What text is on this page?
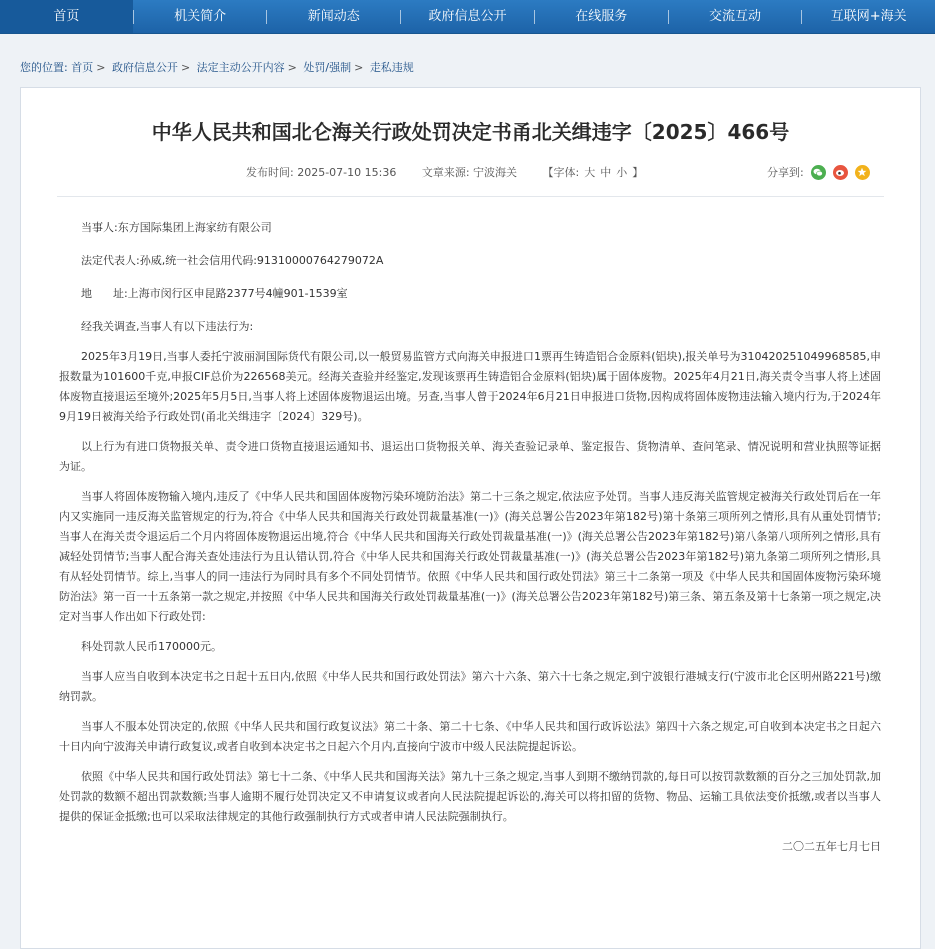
首页	机关简介	新闻动态	政府信息公开	在线服务	交流互动	互联网+海关
您的位置: 首页 > 政府信息公开 > 法定主动公开内容 > 处罚/强制 > 走私违规
中华人民共和国北仑海关行政处罚决定书甬北关缉违字〔2025〕466号
发布时间: 2025-07-10 15:36 文章来源: 宁波海关 【字体: 大 中 小 】	分享到:

当事人:东方国际集团上海家纺有限公司

法定代表人:孙威,统一社会信用代码:91310000764279072A

地      址:上海市闵行区申昆路2377号4幢901-1539室

经我关调查,当事人有以下违法行为:

2025年3月19日,当事人委托宁波丽洞国际货代有限公司,以一般贸易监管方式向海关申报进口1票再生铸造铝合金原料(铝块),报关单号为310420251049968585,申报数量为101600千克,申报CIF总价为226568美元。经海关查验并经鉴定,发现该票再生铸造铝合金原料(铝块)属于固体废物。2025年4月21日,海关责令当事人将上述固体废物直接退运至境外;2025年5月5日,当事人将上述固体废物退运出境。另查,当事人曾于2024年6月21日申报进口货物,因构成将固体废物违法输入境内行为,于2024年9月19日被海关给予行政处罚(甬北关缉违字〔2024〕329号)。

以上行为有进口货物报关单、责令进口货物直接退运通知书、退运出口货物报关单、海关查验记录单、鉴定报告、货物清单、查问笔录、情况说明和营业执照等证据为证。

当事人将固体废物输入境内,违反了《中华人民共和国固体废物污染环境防治法》第二十三条之规定,依法应予处罚。当事人违反海关监管规定被海关行政处罚后在一年内又实施同一违反海关监管规定的行为,符合《中华人民共和国海关行政处罚裁量基准(一)》(海关总署公告2023年第182号)第十条第三项所列之情形,具有从重处罚情节;当事人在海关责令退运后二个月内将固体废物退运出境,符合《中华人民共和国海关行政处罚裁量基准(一)》(海关总署公告2023年第182号)第八条第八项所列之情形,具有减轻处罚情节;当事人配合海关查处违法行为且认错认罚,符合《中华人民共和国海关行政处罚裁量基准(一)》(海关总署公告2023年第182号)第九条第二项所列之情形,具有从轻处罚情节。综上,当事人的同一违法行为同时具有多个不同处罚情节。依照《中华人民共和国行政处罚法》第三十二条第一项及《中华人民共和国固体废物污染环境防治法》第一百一十五条第一款之规定,并按照《中华人民共和国海关行政处罚裁量基准(一)》(海关总署公告2023年第182号)第三条、第五条及第十七条第一项之规定,决定对当事人作出如下行政处罚:

科处罚款人民币170000元。

当事人应当自收到本决定书之日起十五日内,依照《中华人民共和国行政处罚法》第六十六条、第六十七条之规定,到宁波银行港城支行(宁波市北仑区明州路221号)缴纳罚款。

当事人不服本处罚决定的,依照《中华人民共和国行政复议法》第二十条、第二十七条、《中华人民共和国行政诉讼法》第四十六条之规定,可自收到本决定书之日起六十日内向宁波海关申请行政复议,或者自收到本决定书之日起六个月内,直接向宁波市中级人民法院提起诉讼。

依照《中华人民共和国行政处罚法》第七十二条、《中华人民共和国海关法》第九十三条之规定,当事人到期不缴纳罚款的,每日可以按罚款数额的百分之三加处罚款,加处罚款的数额不超出罚款数额;当事人逾期不履行处罚决定又不申请复议或者向人民法院提起诉讼的,海关可以将扣留的货物、物品、运输工具依法变价抵缴,或者以当事人提供的保证金抵缴;也可以采取法律规定的其他行政强制执行方式或者申请人民法院强制执行。

二〇二五年七月七日
